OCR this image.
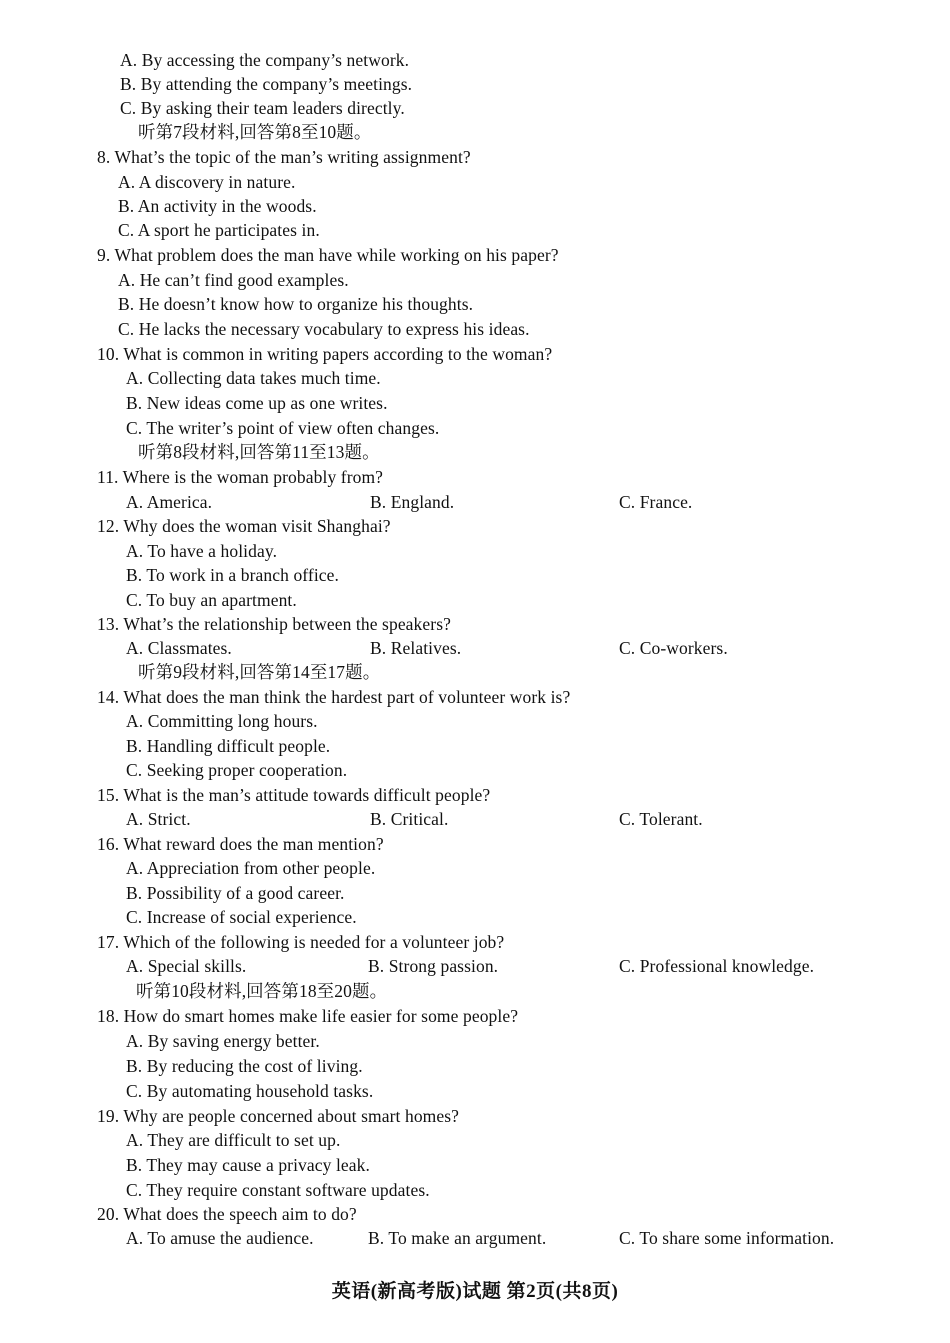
A. By accessing the company’s network.
B. By attending the company’s meetings.
C. By asking their team leaders directly.
听第7段材料,回答第8至10题。
8. What’s the topic of the man’s writing assignment?
A. A discovery in nature.
B. An activity in the woods.
C. A sport he participates in.
9. What problem does the man have while working on his paper?
A. He can’t find good examples.
B. He doesn’t know how to organize his thoughts.
C. He lacks the necessary vocabulary to express his ideas.
10. What is common in writing papers according to the woman?
A. Collecting data takes much time.
B. New ideas come up as one writes.
C. The writer’s point of view often changes.
听第8段材料,回答第11至13题。
11. Where is the woman probably from?
A. America.	B. England.	C. France.
12. Why does the woman visit Shanghai?
A. To have a holiday.
B. To work in a branch office.
C. To buy an apartment.
13. What’s the relationship between the speakers?
A. Classmates.	B. Relatives.	C. Co-workers.
听第9段材料,回答第14至17题。
14. What does the man think the hardest part of volunteer work is?
A. Committing long hours.
B. Handling difficult people.
C. Seeking proper cooperation.
15. What is the man’s attitude towards difficult people?
A. Strict.	B. Critical.	C. Tolerant.
16. What reward does the man mention?
A. Appreciation from other people.
B. Possibility of a good career.
C. Increase of social experience.
17. Which of the following is needed for a volunteer job?
A. Special skills.	B. Strong passion.	C. Professional knowledge.
听第10段材料,回答第18至20题。
18. How do smart homes make life easier for some people?
A. By saving energy better.
B. By reducing the cost of living.
C. By automating household tasks.
19. Why are people concerned about smart homes?
A. They are difficult to set up.
B. They may cause a privacy leak.
C. They require constant software updates.
20. What does the speech aim to do?
A. To amuse the audience.	B. To make an argument.	C. To share some information.
英语(新高考版)试题 第2页(共8页)
